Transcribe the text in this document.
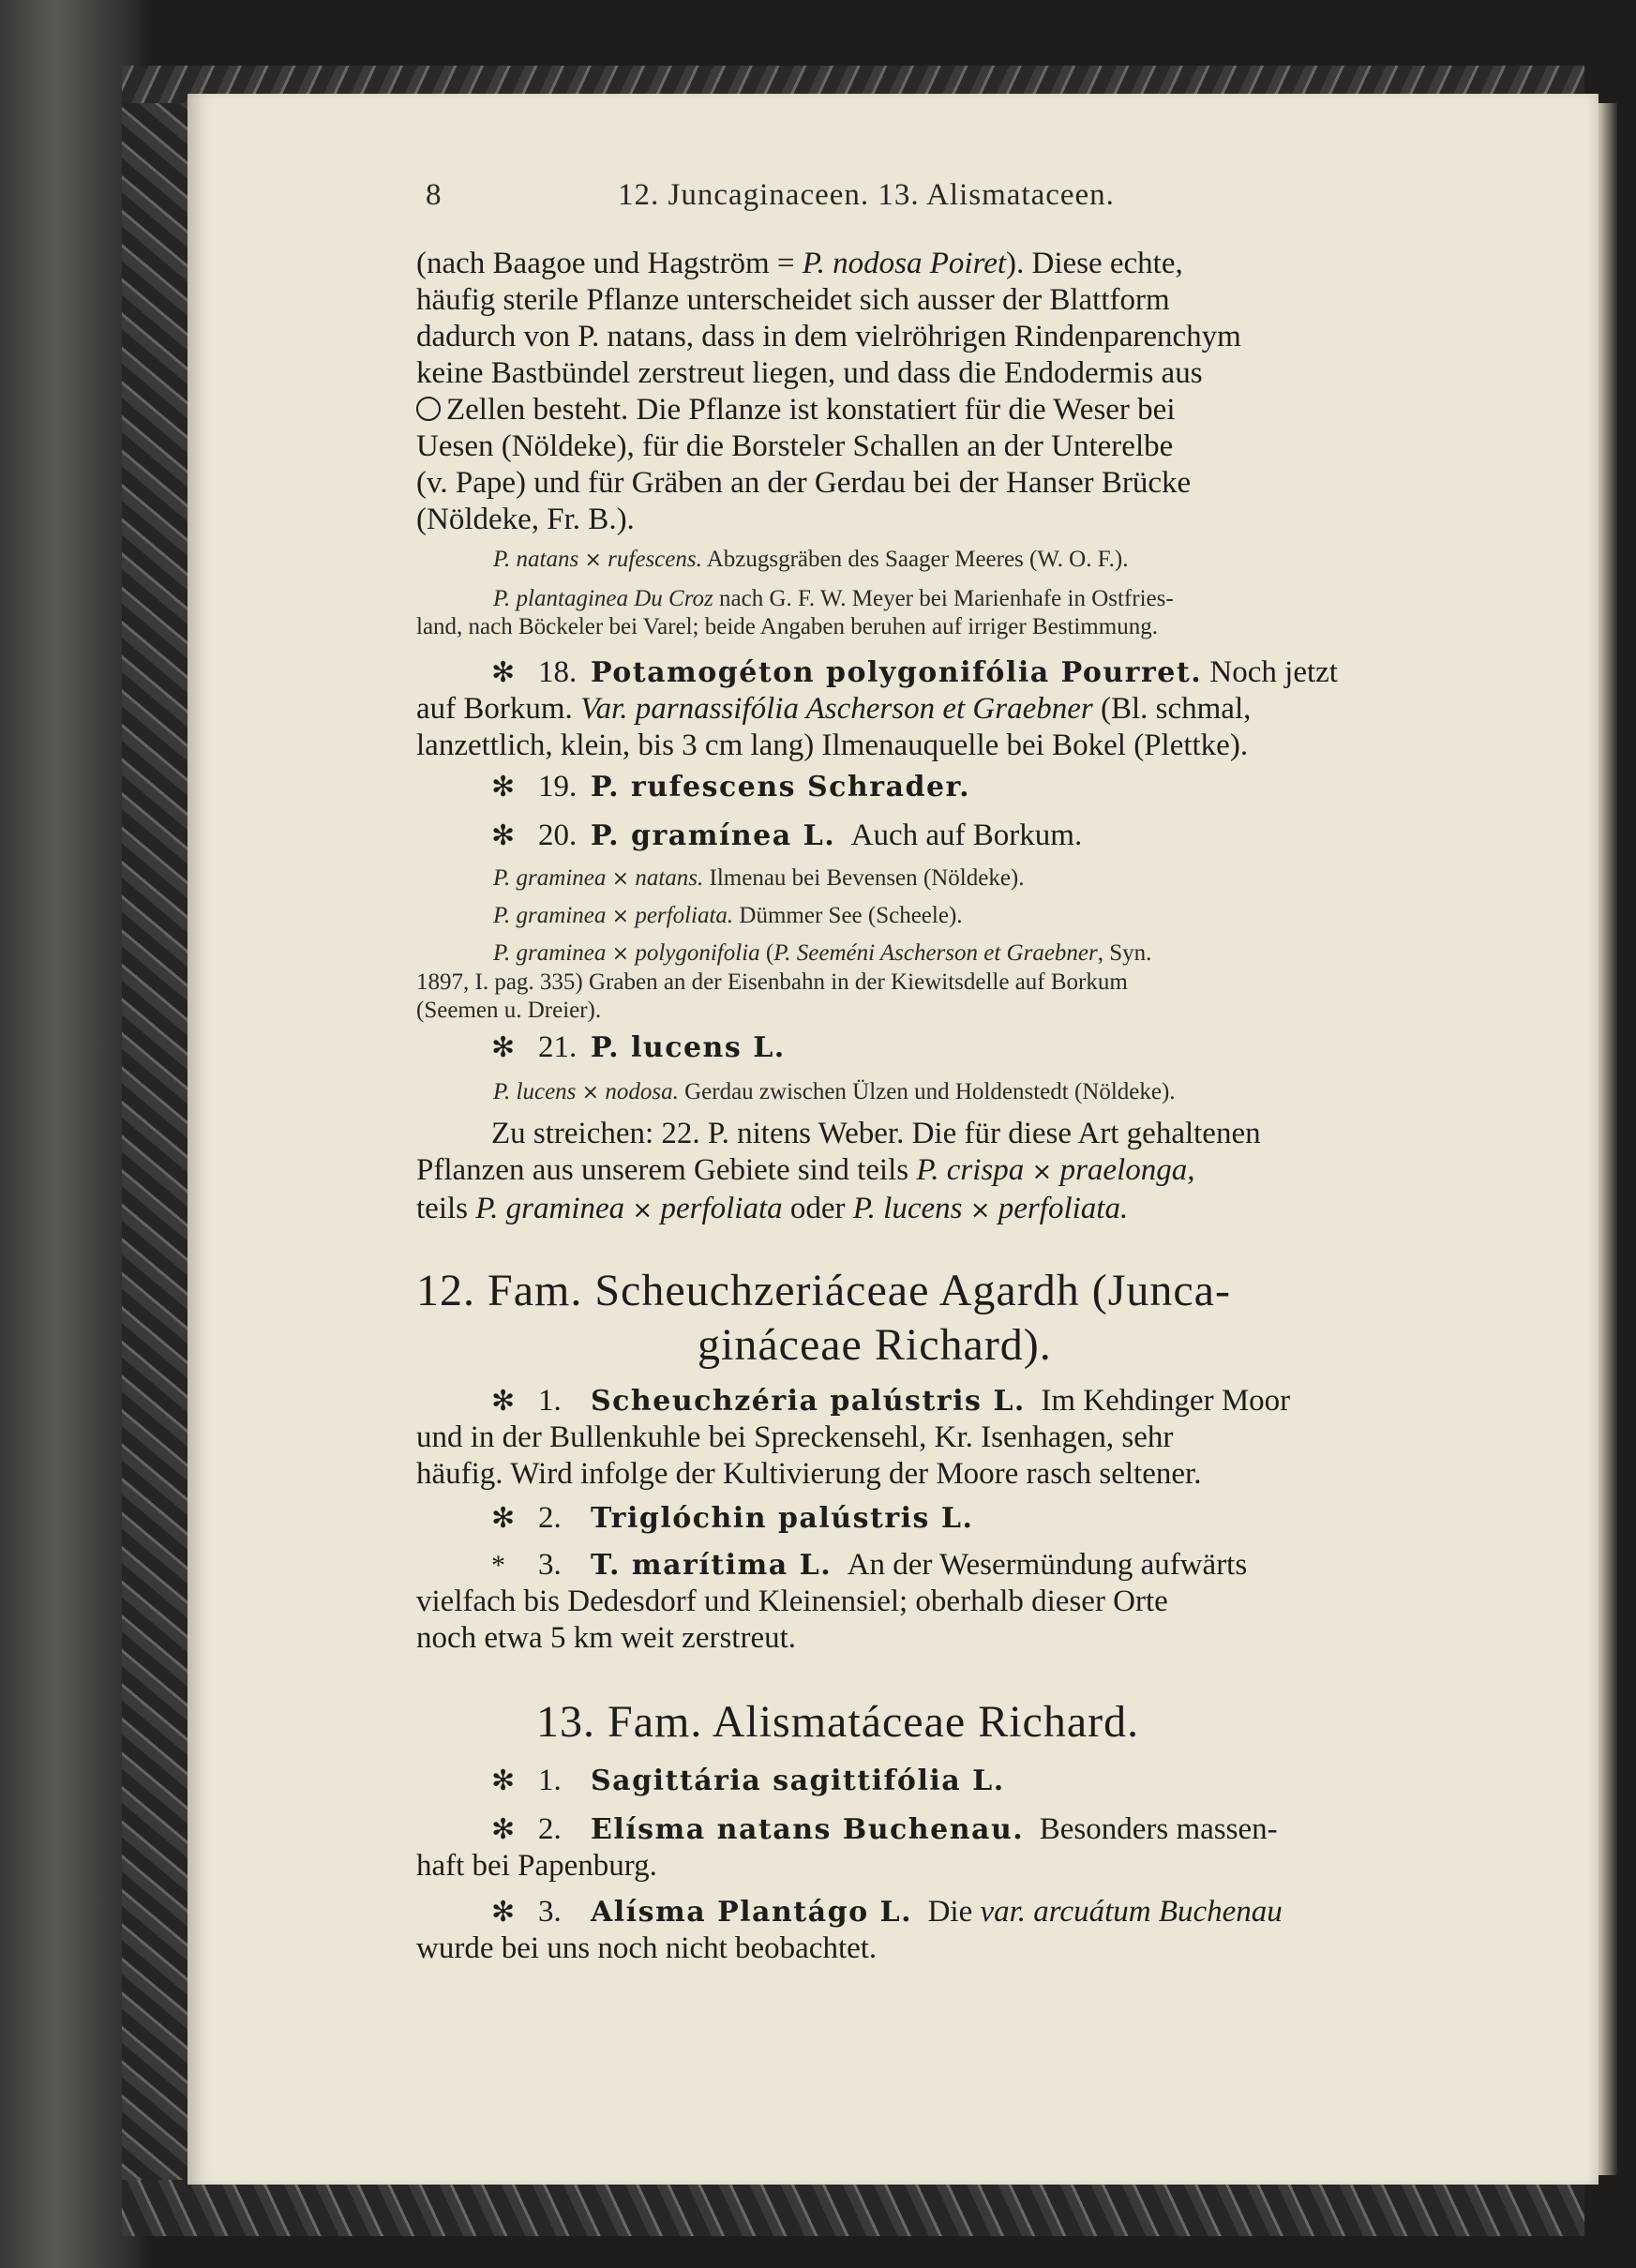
8	12. Juncaginaceen. 13. Alismataceen.

(nach Baagoe und Hagström = P. nodosa Poiret). Diese echte,

häufig sterile Pflanze unterscheidet sich ausser der Blattform

dadurch von P. natans, dass in dem vielröhrigen Rindenparenchym

keine Bastbündel zerstreut liegen, und dass die Endodermis aus

Zellen besteht. Die Pflanze ist konstatiert für die Weser bei

Uesen (Nöldeke), für die Borsteler Schallen an der Unterelbe

(v. Pape) und für Gräben an der Gerdau bei der Hanser Brücke

(Nöldeke, Fr. B.).

P. natans × rufescens. Abzugsgräben des Saager Meeres (W. O. F.).

P. plantaginea Du Croz nach G. F. W. Meyer bei Marienhafe in Ostfries-

land, nach Böckeler bei Varel; beide Angaben beruhen auf irriger Bestimmung.

✻ 18. Potamogéton polygonifólia Pourret. Noch jetzt

auf Borkum. Var. parnassifólia Ascherson et Graebner (Bl. schmal,

lanzettlich, klein, bis 3 cm lang) Ilmenauquelle bei Bokel (Plettke).

✻ 19. P. rufescens Schrader.

✻ 20. P. gramínea L. Auch auf Borkum.

P. graminea × natans. Ilmenau bei Bevensen (Nöldeke).

P. graminea × perfoliata. Dümmer See (Scheele).

P. graminea × polygonifolia (P. Seeméni Ascherson et Graebner, Syn.

1897, I. pag. 335) Graben an der Eisenbahn in der Kiewitsdelle auf Borkum

(Seemen u. Dreier).

✻ 21. P. lucens L.

P. lucens × nodosa. Gerdau zwischen Ülzen und Holdenstedt (Nöldeke).

Zu streichen: 22. P. nitens Weber. Die für diese Art gehaltenen

Pflanzen aus unserem Gebiete sind teils P. crispa × praelonga,

teils P. graminea × perfoliata oder P. lucens × perfoliata.

12. Fam. Scheuchzeriáceae Agardh (Junca-

gináceae Richard).

✻ 1. Scheuchzéria palústris L. Im Kehdinger Moor

und in der Bullenkuhle bei Spreckensehl, Kr. Isenhagen, sehr

häufig. Wird infolge der Kultivierung der Moore rasch seltener.

✻ 2. Triglóchin palústris L.

* 3. T. marítima L. An der Wesermündung aufwärts

vielfach bis Dedesdorf und Kleinensiel; oberhalb dieser Orte

noch etwa 5 km weit zerstreut.

13. Fam. Alismatáceae Richard.

✻ 1. Sagittária sagittifólia L.

✻ 2. Elísma natans Buchenau. Besonders massen-

haft bei Papenburg.

✻ 3. Alísma Plantágo L. Die var. arcuátum Buchenau

wurde bei uns noch nicht beobachtet.
